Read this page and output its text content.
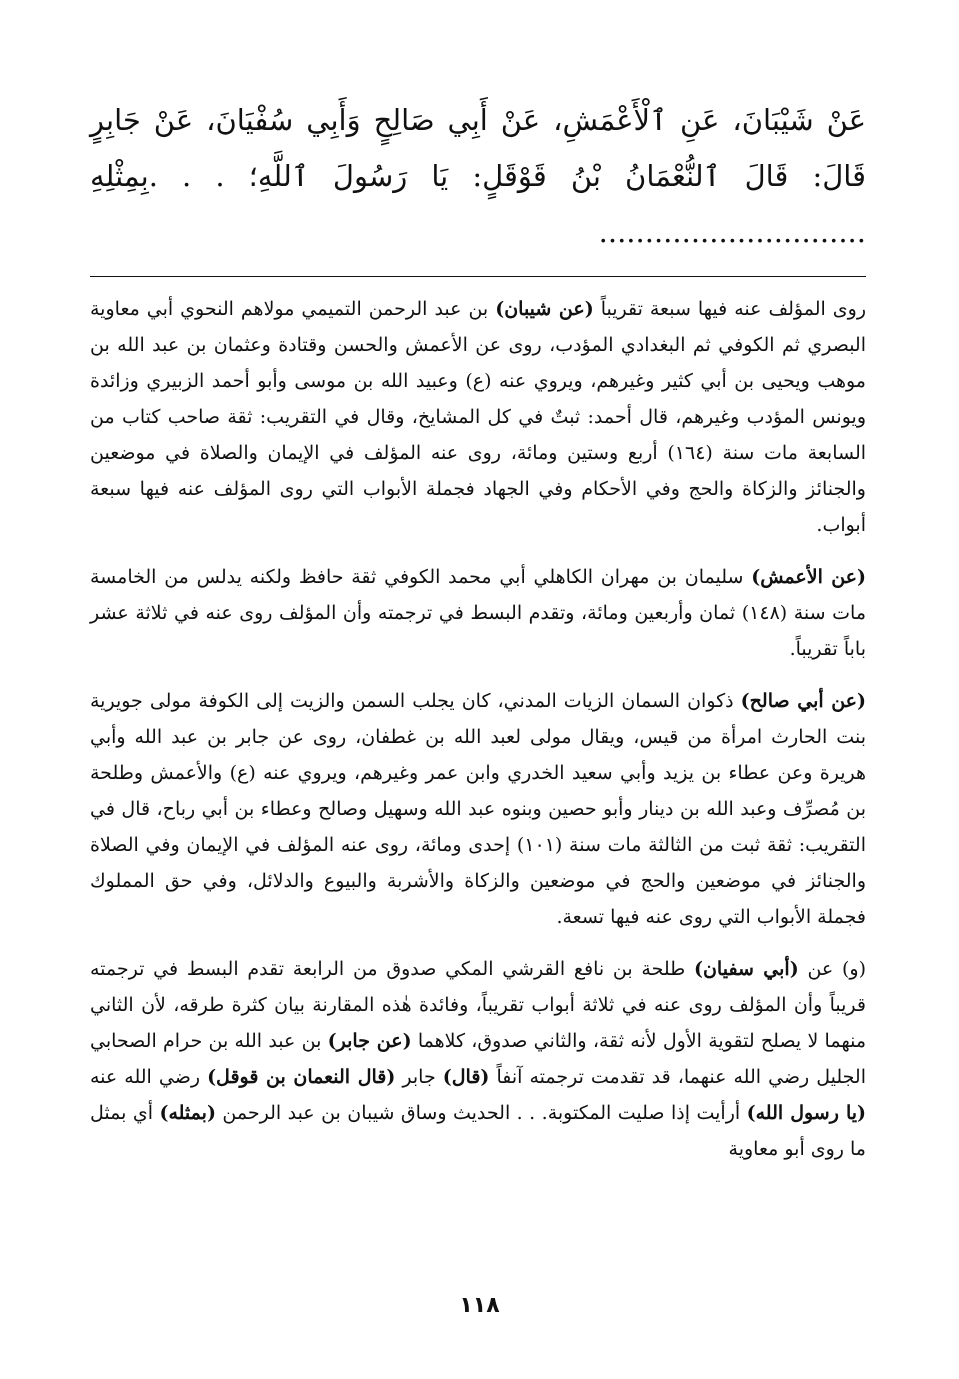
عَنْ شَيْبَانَ، عَنِ ٱلْأَعْمَشِ، عَنْ أَبِي صَالِحٍ وَأَبِي سُفْيَانَ، عَنْ جَابِرٍ قَالَ: قَالَ ٱلنُّعْمَانُ بْنُ قَوْقَلٍ: يَا رَسُولَ ٱللَّهِ؛ . . .بِمِثْلِهِ .............................

روى المؤلف عنه فيها سبعة تقريباً (عن شيبان) بن عبد الرحمن التميمي مولاهم النحوي أبي معاوية البصري ثم الكوفي ثم البغدادي المؤدب، روى عن الأعمش والحسن وقتادة وعثمان بن عبد الله بن موهب ويحيى بن أبي كثير وغيرهم، ويروي عنه (ع) وعبيد الله بن موسى وأبو أحمد الزبيري وزائدة ويونس المؤدب وغيرهم، قال أحمد: ثبتٌ في كل المشايخ، وقال في التقريب: ثقة صاحب كتاب من السابعة مات سنة (١٦٤) أربع وستين ومائة، روى عنه المؤلف في الإيمان والصلاة في موضعين والجنائز والزكاة والحج وفي الأحكام وفي الجهاد فجملة الأبواب التي روى المؤلف عنه فيها سبعة أبواب.

(عن الأعمش) سليمان بن مهران الكاهلي أبي محمد الكوفي ثقة حافظ ولكنه يدلس من الخامسة مات سنة (١٤٨) ثمان وأربعين ومائة، وتقدم البسط في ترجمته وأن المؤلف روى عنه في ثلاثة عشر باباً تقريباً.

(عن أبي صالح) ذكوان السمان الزيات المدني، كان يجلب السمن والزيت إلى الكوفة مولى جويرية بنت الحارث امرأة من قيس، ويقال مولى لعبد الله بن غطفان، روى عن جابر بن عبد الله وأبي هريرة وعن عطاء بن يزيد وأبي سعيد الخدري وابن عمر وغيرهم، ويروي عنه (ع) والأعمش وطلحة بن مُصرِّف وعبد الله بن دينار وأبو حصين وبنوه عبد الله وسهيل وصالح وعطاء بن أبي رباح، قال في التقريب: ثقة ثبت من الثالثة مات سنة (١٠١) إحدى ومائة، روى عنه المؤلف في الإيمان وفي الصلاة والجنائز في موضعين والحج في موضعين والزكاة والأشربة والبيوع والدلائل، وفي حق المملوك فجملة الأبواب التي روى عنه فيها تسعة.

(و) عن (أبي سفيان) طلحة بن نافع القرشي المكي صدوق من الرابعة تقدم البسط في ترجمته قريباً وأن المؤلف روى عنه في ثلاثة أبواب تقريباً، وفائدة هٰذه المقارنة بيان كثرة طرقه، لأن الثاني منهما لا يصلح لتقوية الأول لأنه ثقة، والثاني صدوق، كلاهما (عن جابر) بن عبد الله بن حرام الصحابي الجليل رضي الله عنهما، قد تقدمت ترجمته آنفاً (قال) جابر (قال النعمان بن قوقل) رضي الله عنه (يا رسول الله) أرأيت إذا صليت المكتوبة. . . الحديث وساق شيبان بن عبد الرحمن (بمثله) أي بمثل ما روى أبو معاوية

١١٨
